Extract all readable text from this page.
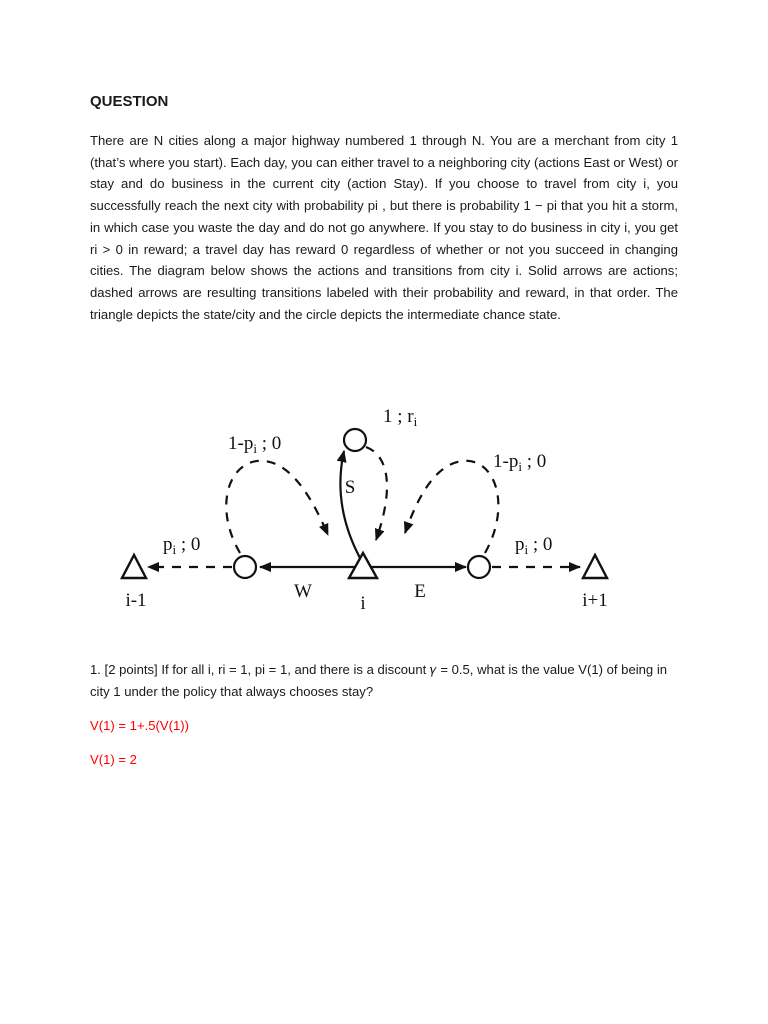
QUESTION

There are N cities along a major highway numbered 1 through N. You are a merchant from city 1 (that’s where you start). Each day, you can either travel to a neighboring city (actions East or West) or stay and do business in the current city (action Stay). If you choose to travel from city i, you successfully reach the next city with probability pi , but there is probability 1 − pi that you hit a storm, in which case you waste the day and do not go anywhere. If you stay to do business in city i, you get ri > 0 in reward; a travel day has reward 0 regardless of whether or not you succeed in changing cities. The diagram below shows the actions and transitions from city i. Solid arrows are actions; dashed arrows are resulting transitions labeled with their probability and reward, in that order. The triangle depicts the state/city and the circle depicts the intermediate chance state.

i-1	i	i+1
W	E
S
$p_i$ ; 0
$1-p_i$ ; 0
1 ; $r_i$
$1-p_i$ ; 0
$p_i$ ; 0

1. [2 points] If for all i, ri = 1, pi = 1, and there is a discount 𝛾 = 0.5, what is the value V(1) of being in city 1 under the policy that always chooses stay?

V(1) = 1+.5(V(1))

V(1) = 2
